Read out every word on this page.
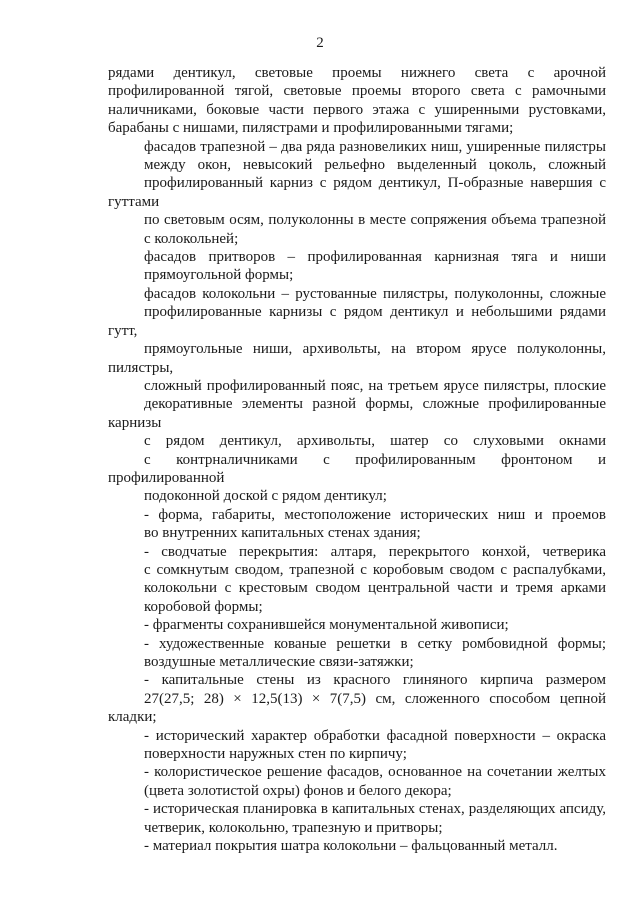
2

рядами дентикул, световые проемы нижнего света с арочной
профилированной тягой, световые проемы второго света с рамочными
наличниками, боковые части первого этажа с уширенными рустовками,
барабаны с нишами, пилястрами и профилированными тягами;

фасадов трапезной – два ряда разновеликих ниш, уширенные пилястры
между окон, невысокий рельефно выделенный цоколь, сложный
профилированный карниз с рядом дентикул, П-образные навершия с гуттами
по световым осям, полуколонны в месте сопряжения объема трапезной
с колокольней;

фасадов притворов – профилированная карнизная тяга и ниши
прямоугольной формы;

фасадов колокольни – рустованные пилястры, полуколонны, сложные
профилированные карнизы с рядом дентикул и небольшими рядами гутт,
прямоугольные ниши, архивольты, на втором ярусе полуколонны, пилястры,
сложный профилированный пояс, на третьем ярусе пилястры, плоские
декоративные элементы разной формы, сложные профилированные карнизы
с рядом дентикул, архивольты, шатер со слуховыми окнами
с контрналичниками с профилированным фронтоном и профилированной
подоконной доской с рядом дентикул;

- форма, габариты, местоположение исторических ниш и проемов
во внутренних капитальных стенах здания;

- сводчатые перекрытия: алтаря, перекрытого конхой, четверика
с сомкнутым сводом, трапезной с коробовым сводом с распалубками,
колокольни с крестовым сводом центральной части и тремя арками
коробовой формы;

- фрагменты сохранившейся монументальной живописи;

- художественные кованые решетки в сетку ромбовидной формы;
воздушные металлические связи-затяжки;

- капитальные стены из красного глиняного кирпича размером
27(27,5; 28) × 12,5(13) × 7(7,5) см, сложенного способом цепной кладки;

- исторический характер обработки фасадной поверхности – окраска
поверхности наружных стен по кирпичу;

- колористическое решение фасадов, основанное на сочетании желтых
(цвета золотистой охры) фонов и белого декора;

- историческая планировка в капитальных стенах, разделяющих апсиду,
четверик, колокольню, трапезную и притворы;

- материал покрытия шатра колокольни – фальцованный металл.
